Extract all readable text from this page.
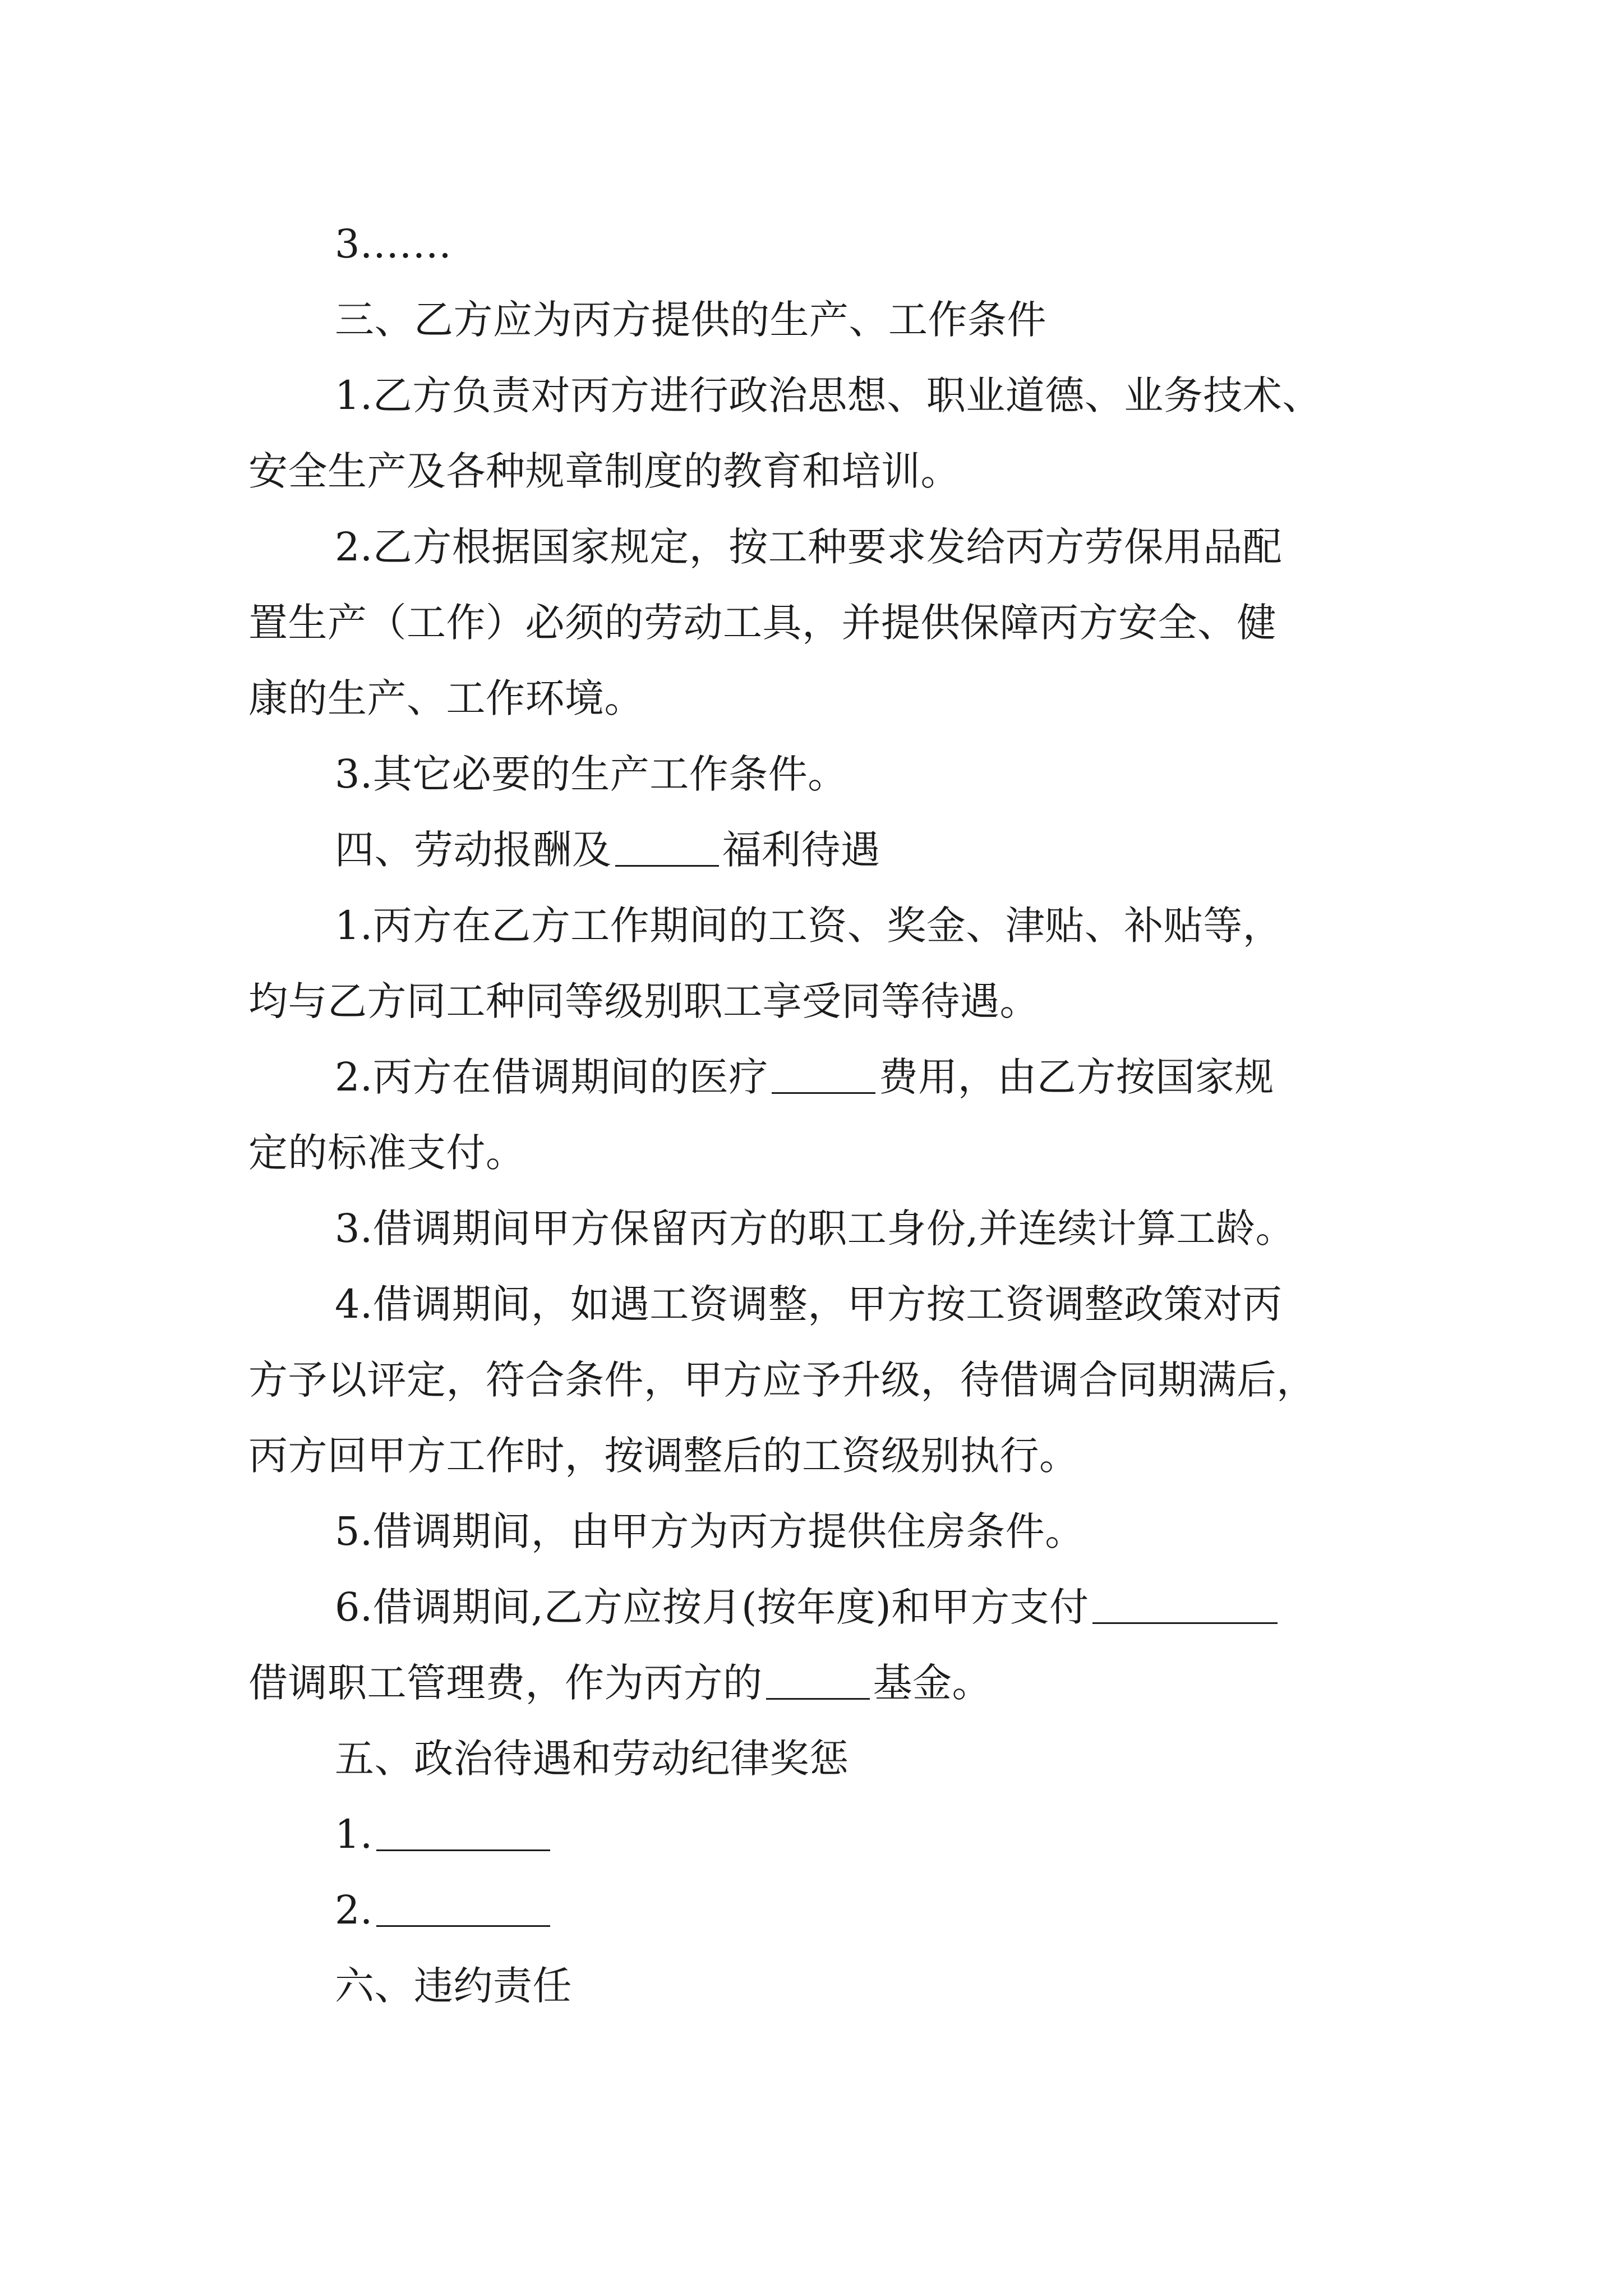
3.……
三、乙方应为丙方提供的生产、工作条件
1.乙方负责对丙方进行政治思想、职业道德、业务技术、
安全生产及各种规章制度的教育和培训。
2.乙方根据国家规定，按工种要求发给丙方劳保用品配
置生产（工作）必须的劳动工具，并提供保障丙方安全、健
康的生产、工作环境。
3.其它必要的生产工作条件。
四、劳动报酬及	福利待遇
1.丙方在乙方工作期间的工资、奖金、津贴、补贴等，
均与乙方同工种同等级别职工享受同等待遇。
2.丙方在借调期间的医疗	费用，由乙方按国家规
定的标准支付。
3.借调期间甲方保留丙方的职工身份,并连续计算工龄。
4.借调期间，如遇工资调整，甲方按工资调整政策对丙
方予以评定，符合条件，甲方应予升级，待借调合同期满后，
丙方回甲方工作时，按调整后的工资级别执行。
5.借调期间，由甲方为丙方提供住房条件。
6.借调期间,乙方应按月(按年度)和甲方支付
借调职工管理费，作为丙方的	基金。
五、政治待遇和劳动纪律奖惩
1.
2.
六、违约责任
